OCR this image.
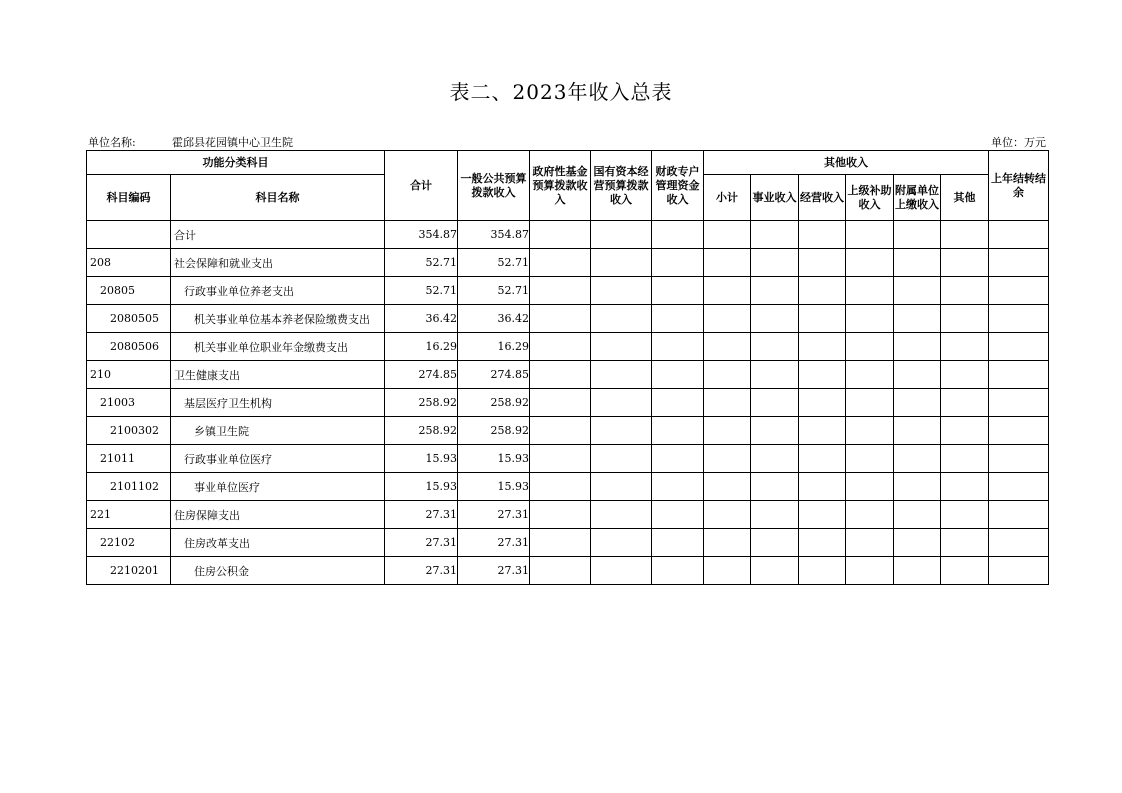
表二、2023年收入总表
单位名称:	霍邱县花园镇中心卫生院	单位：万元
功能分类科目		合计	一般公共预算拨款收入	政府性基金预算拨款收入	国有资本经营预算拨款收入	财政专户管理资金收入	其他收入						上年结转结余
科目编码	科目名称						小计	事业收入	经营收入	上级补助收入	附属单位上缴收入	其他	
	合计	354.87	354.87										
208	社会保障和就业支出	52.71	52.71										
20805	行政事业单位养老支出	52.71	52.71										
2080505	机关事业单位基本养老保险缴费支出	36.42	36.42										
2080506	机关事业单位职业年金缴费支出	16.29	16.29										
210	卫生健康支出	274.85	274.85										
21003	基层医疗卫生机构	258.92	258.92										
2100302	乡镇卫生院	258.92	258.92										
21011	行政事业单位医疗	15.93	15.93										
2101102	事业单位医疗	15.93	15.93										
221	住房保障支出	27.31	27.31										
22102	住房改革支出	27.31	27.31										
2210201	住房公积金	27.31	27.31										
